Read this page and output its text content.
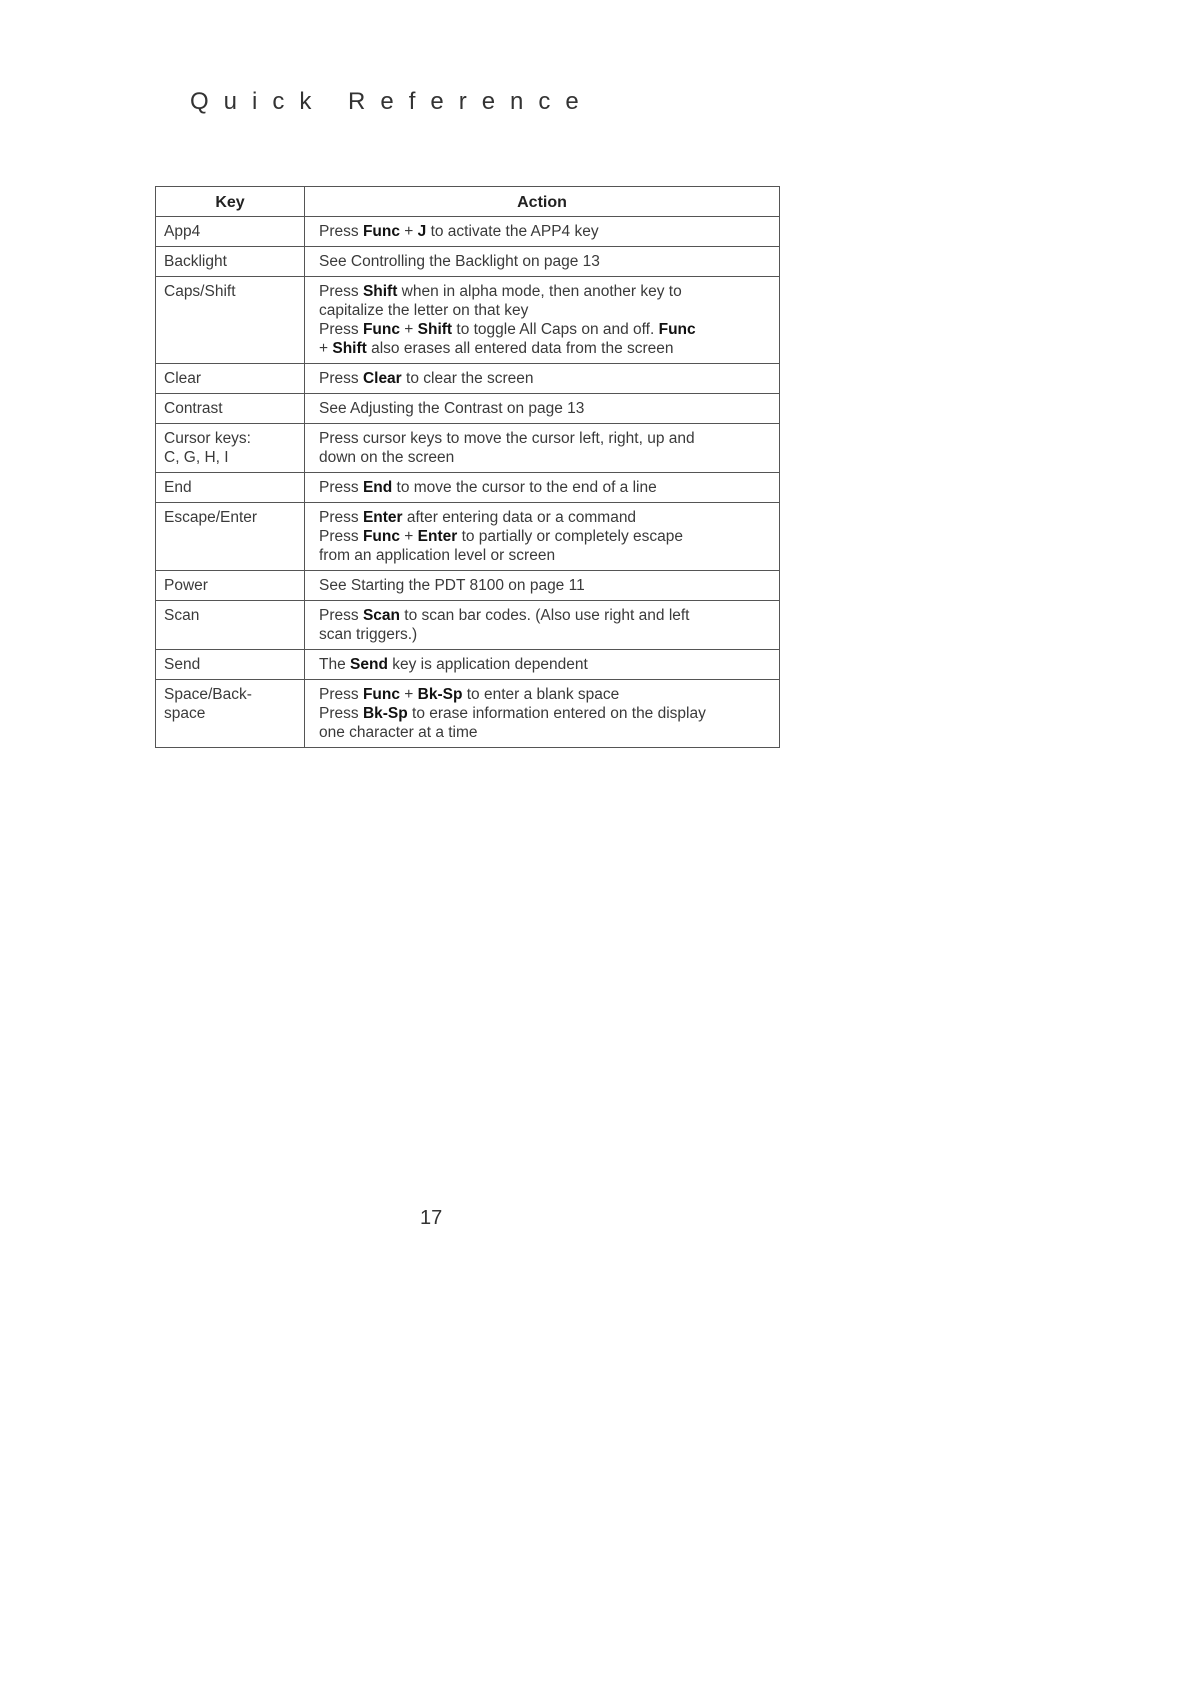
Quick Reference
Key	Action

App4	Press Func + J to activate the APP4 key

Backlight	See Controlling the Backlight on page 13

Caps/Shift	Press Shift when in alpha mode, then another key to
capitalize the letter on that key
Press Func + Shift to toggle All Caps on and off. Func
+ Shift also erases all entered data from the screen

Clear	Press Clear to clear the screen

Contrast	See Adjusting the Contrast on page 13

Cursor keys:
C, G, H, I	Press cursor keys to move the cursor left, right, up and
down on the screen

End	Press End to move the cursor to the end of a line

Escape/Enter	Press Enter after entering data or a command
Press Func + Enter to partially or completely escape
from an application level or screen

Power	See Starting the PDT 8100 on page 11

Scan	Press Scan to scan bar codes. (Also use right and left
scan triggers.)

Send	The Send key is application dependent

Space/Back-
space	Press Func + Bk-Sp to enter a blank space
Press Bk-Sp to erase information entered on the display
one character at a time
17
